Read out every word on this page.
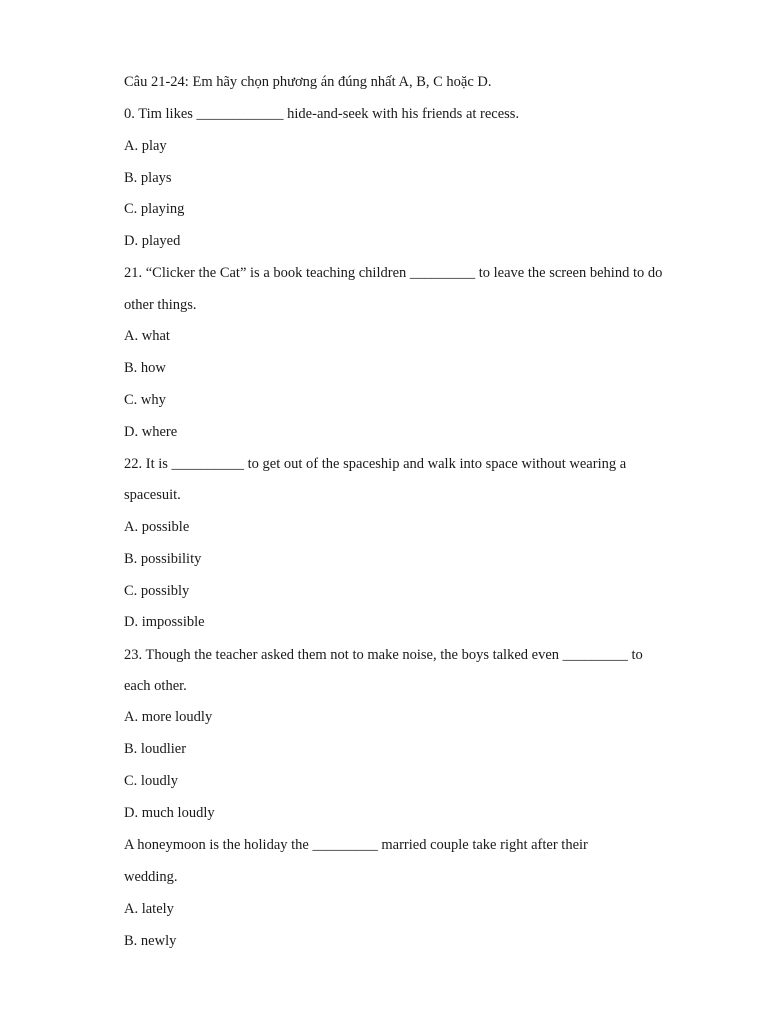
Câu 21-24: Em hãy chọn phương án đúng nhất A, B, C hoặc D.
0. Tim likes ____________ hide-and-seek with his friends at recess.
A. play
B. plays
C. playing
D. played
21. “Clicker the Cat” is a book teaching children _________ to leave the screen behind to do
other things.
A. what
B. how
C. why
D. where
22. It is __________ to get out of the spaceship and walk into space without wearing a
spacesuit.
A. possible
B. possibility
C. possibly
D. impossible
23. Though the teacher asked them not to make noise, the boys talked even _________ to
each other.
A. more loudly
B. loudlier
C. loudly
D. much loudly
A honeymoon is the holiday the _________ married couple take right after their
wedding.
A. lately
B. newly
